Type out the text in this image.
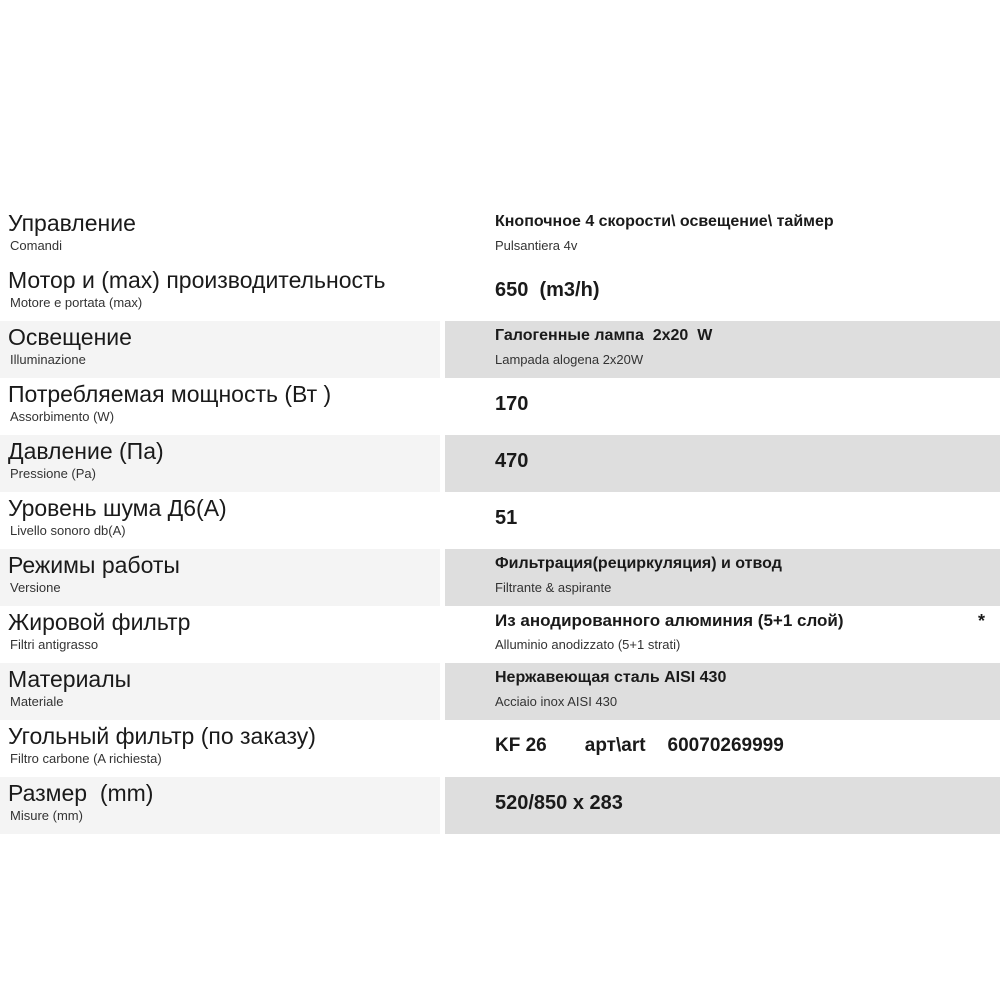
Управление
Comandi
Кнопочное 4 скорости\ освещение\ таймер
Pulsantiera 4v
Мотор и (max) производительность
Motore e portata (max)
650  (m3/h)
Освещение
Illuminazione
Галогенные лампа  2x20  W
Lampada alogena 2x20W
Потребляемая мощность (Вт )
Assorbimento (W)
170
Давление (Па)
Pressione (Pa)
470
Уровень шума Д6(А)
Livello sonoro db(A)
51
Режимы работы
Versione
Фильтрация(рециркуляция) и отвод
Filtrante & aspirante
Жировой фильтр
Filtri antigrasso
Из анодированного алюминия (5+1 слой)	*
Alluminio anodizzato (5+1 strati)
Материалы
Materiale
Нержавеющая сталь AISI 430
Acciaio inox AISI 430
Угольный фильтр (по заказу)
Filtro carbone (A richiesta)
KF 26 арт\art 60070269999
Размер  (mm)
Misure (mm)
520/850 x 283
